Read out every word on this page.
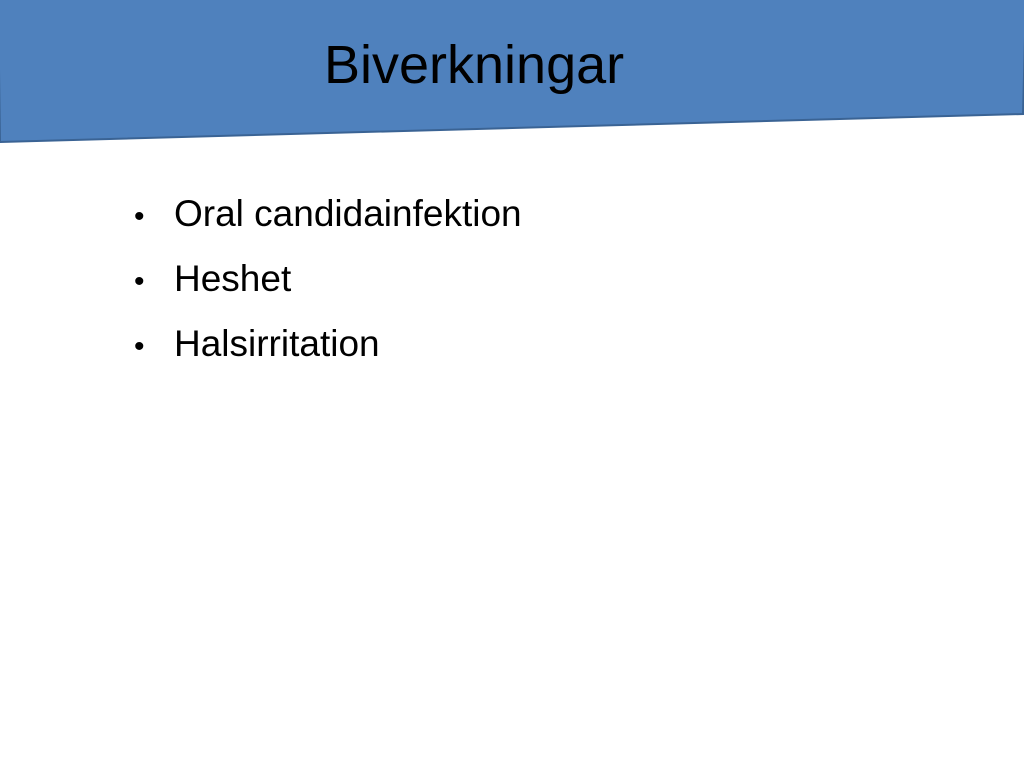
Biverkningar
• Oral candidainfektion
• Heshet
• Halsirritation
